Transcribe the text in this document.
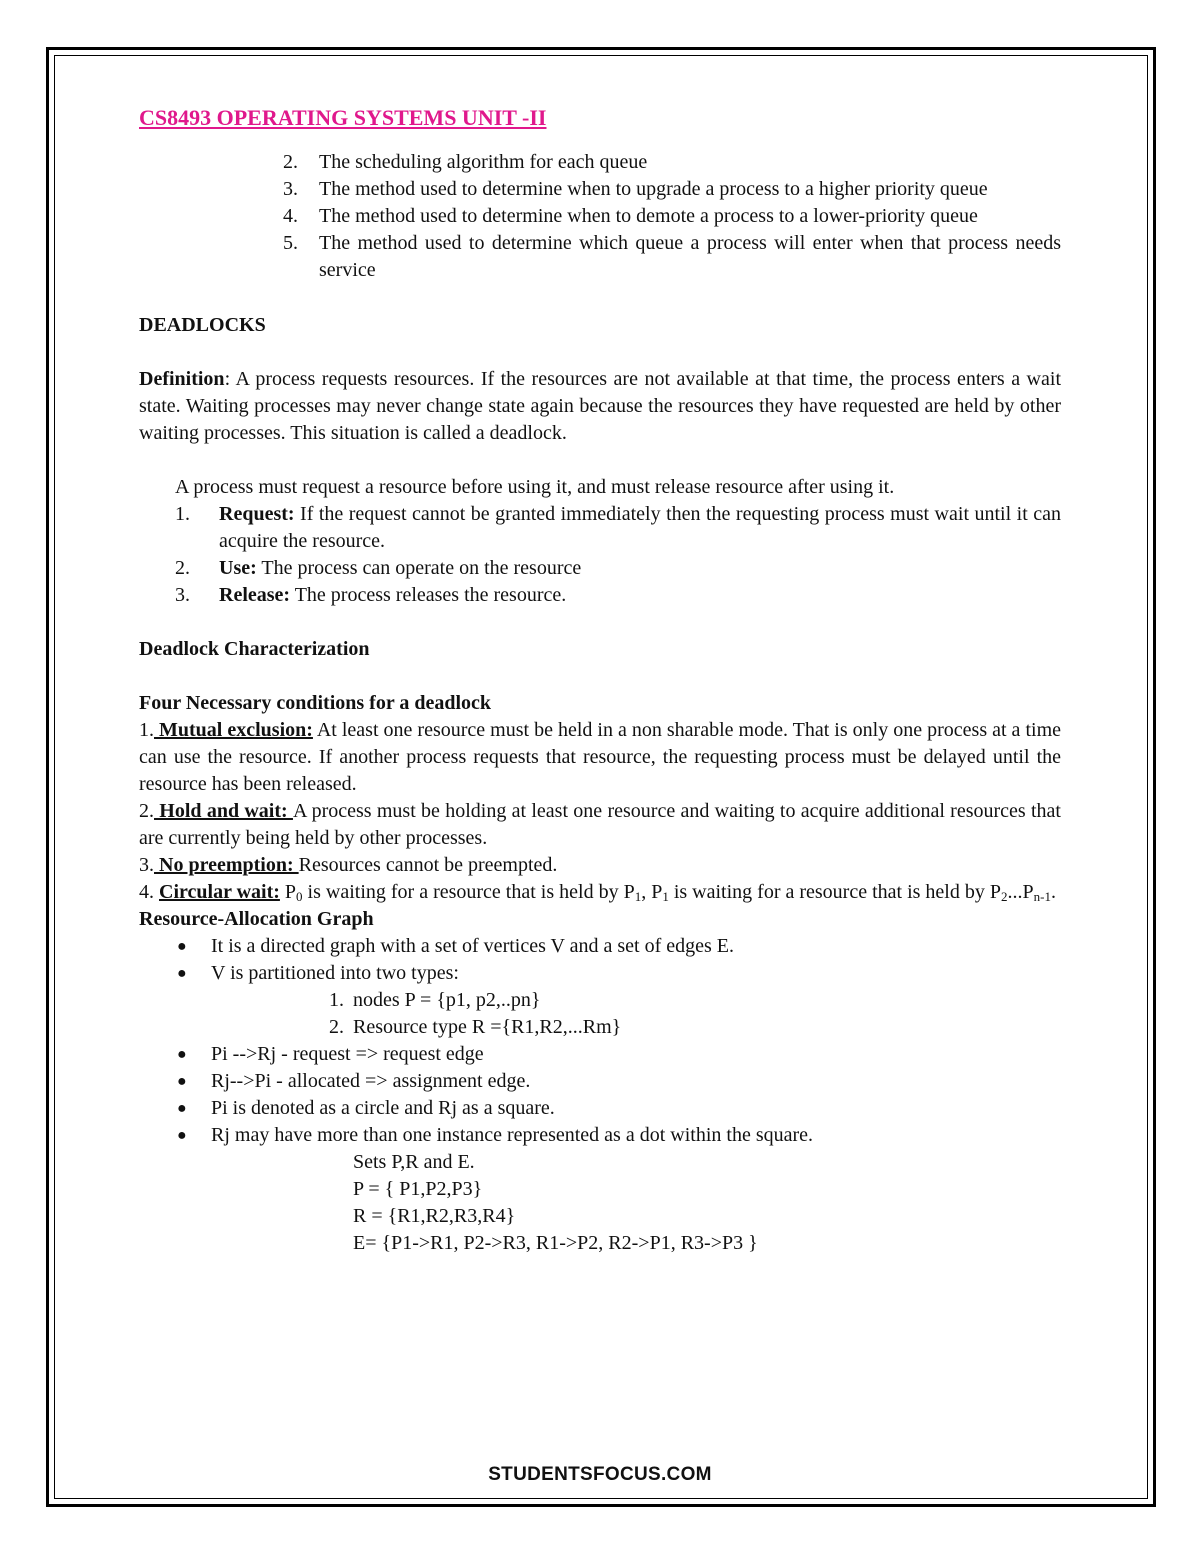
CS8493 OPERATING SYSTEMS UNIT -II
2. The scheduling algorithm for each queue
3. The method used to determine when to upgrade a process to a higher priority queue
4. The method used to determine when to demote a process to a lower-priority queue
5. The method used to determine which queue a process will enter when that process needs service
DEADLOCKS
Definition: A process requests resources. If the resources are not available at that time, the process enters a wait state. Waiting processes may never change state again because the resources they have requested are held by other waiting processes. This situation is called a deadlock.
A process must request a resource before using it, and must release resource after using it.
1. Request: If the request cannot be granted immediately then the requesting process must wait until it can acquire the resource.
2. Use: The process can operate on the resource
3. Release: The process releases the resource.
Deadlock Characterization
Four Necessary conditions for a deadlock
1. Mutual exclusion: At least one resource must be held in a non sharable mode. That is only one process at a time can use the resource. If another process requests that resource, the requesting process must be delayed until the resource has been released.
2. Hold and wait: A process must be holding at least one resource and waiting to acquire additional resources that are currently being held by other processes.
3. No preemption: Resources cannot be preempted.
4. Circular wait: $P_0$ is waiting for a resource that is held by $P_1$, $P_1$ is waiting for a resource that is held by $P_2...P_{n-1}$.
Resource-Allocation Graph
● It is a directed graph with a set of vertices V and a set of edges E.
● V is partitioned into two types:
1. nodes P = {p1, p2,..pn}
2. Resource type R ={R1,R2,...Rm}
● Pi -->Rj - request => request edge
● Rj-->Pi - allocated => assignment edge.
● Pi is denoted as a circle and Rj as a square.
● Rj may have more than one instance represented as a dot within the square.
Sets P,R and E.
P = { P1,P2,P3}
R = {R1,R2,R3,R4}
E= {P1->R1, P2->R3, R1->P2, R2->P1, R3->P3 }
STUDENTSFOCUS.COM
